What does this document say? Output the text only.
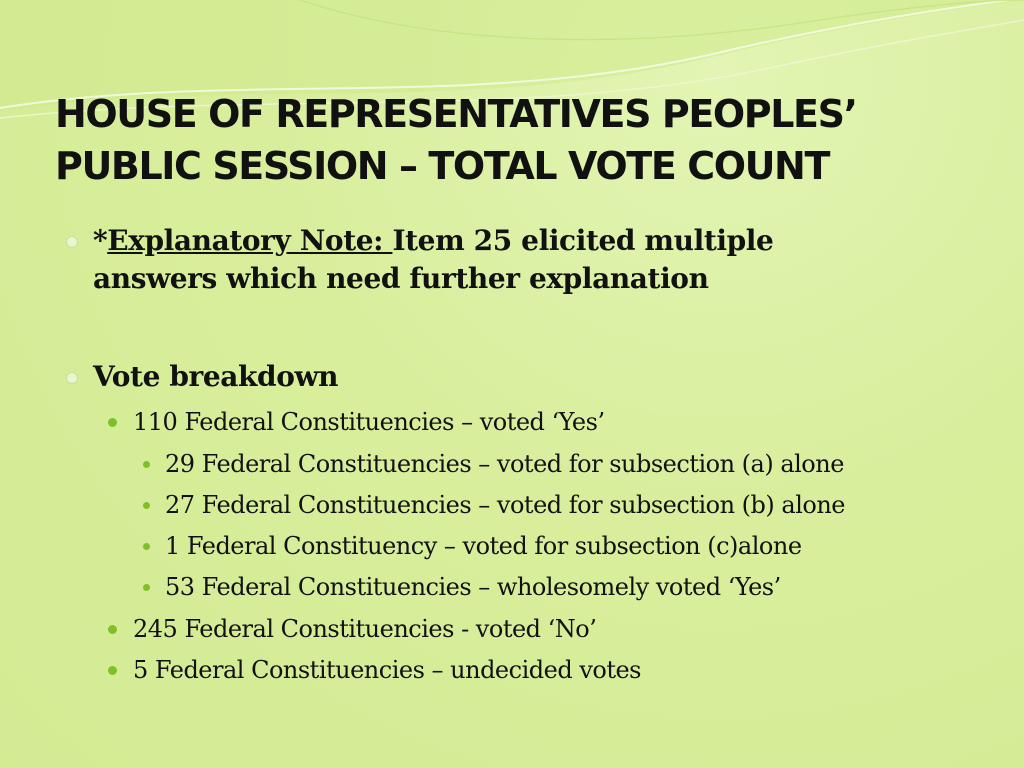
HOUSE OF REPRESENTATIVES PEOPLES’
PUBLIC SESSION – TOTAL VOTE COUNT
*Explanatory Note: Item 25 elicited multiple
answers which need further explanation
Vote breakdown
110 Federal Constituencies – voted ‘Yes’
29 Federal Constituencies – voted for subsection (a) alone
27 Federal Constituencies – voted for subsection (b) alone
1 Federal Constituency – voted for subsection (c)alone
53 Federal Constituencies – wholesomely voted ‘Yes’
245 Federal Constituencies - voted ‘No’
5 Federal Constituencies – undecided votes
